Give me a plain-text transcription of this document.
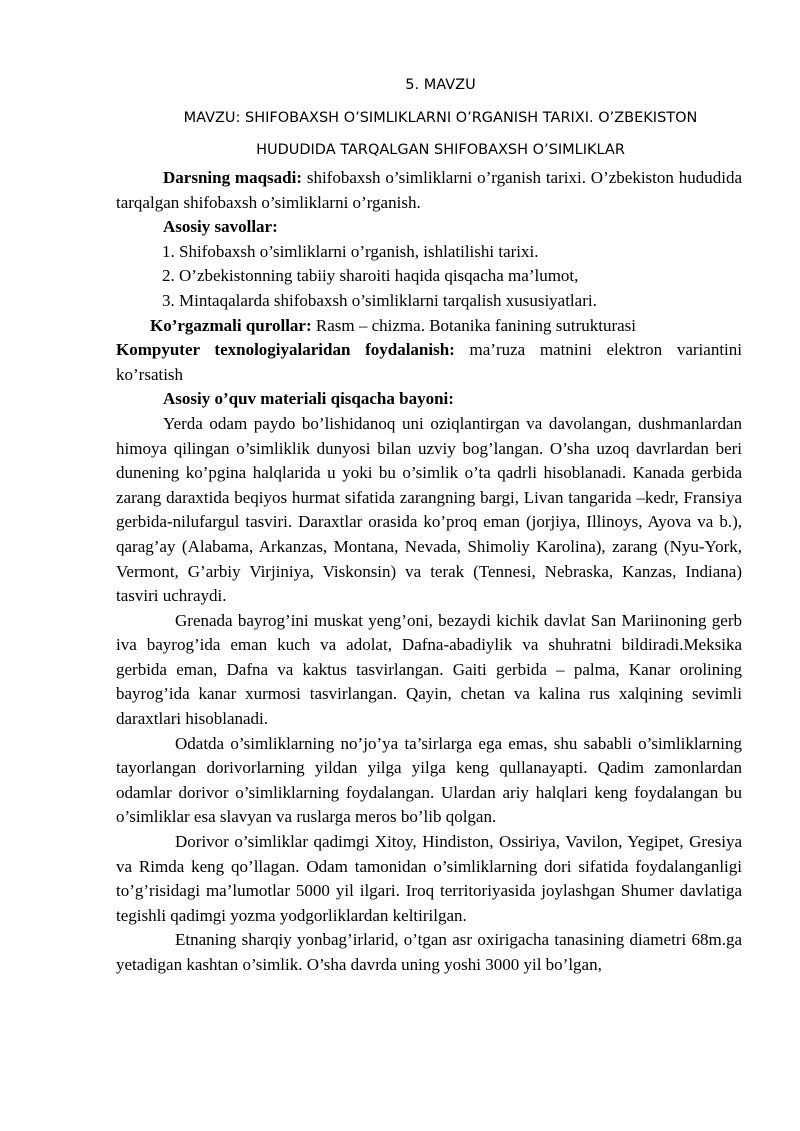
5. MAVZU
MAVZU: SHIFOBAXSH O’SIMLIKLARNI O’RGANISH TARIXI. O’ZBEKISTON
HUDUDIDA TARQALGAN SHIFOBAXSH O’SIMLIKLAR

Darsning maqsadi: shifobaxsh o’simliklarni o’rganish tarixi. O’zbekiston hududida tarqalgan shifobaxsh o’simliklarni o’rganish.

Asosiy savollar:

1. Shifobaxsh o’simliklarni o’rganish, ishlatilishi tarixi.

2. O’zbekistonning tabiiy sharoiti haqida qisqacha ma’lumot,

3. Mintaqalarda shifobaxsh o’simliklarni tarqalish xususiyatlari.

Ko’rgazmali qurollar: Rasm – chizma. Botanika fanining sutrukturasi

Kompyuter texnologiyalaridan foydalanish: ma’ruza matnini elektron variantini ko’rsatish

Asosiy o’quv materiali qisqacha bayoni:

Yerda odam paydo bo’lishidanoq uni oziqlantirgan va davolangan, dushmanlardan himoya qilingan o’simliklik dunyosi bilan uzviy bog’langan. O’sha uzoq davrlardan beri dunening ko’pgina halqlarida u yoki bu o’simlik o’ta qadrli hisoblanadi. Kanada gerbida zarang daraxtida beqiyos hurmat sifatida zarangning bargi, Livan tangarida –kedr, Fransiya gerbida-nilufargul tasviri. Daraxtlar orasida ko’proq eman (jorjiya, Illinoys, Ayova va b.), qarag’ay (Alabama, Arkanzas, Montana, Nevada, Shimoliy Karolina), zarang (Nyu-York, Vermont, G’arbiy Virjiniya, Viskonsin) va terak (Tennesi, Nebraska, Kanzas, Indiana) tasviri uchraydi.

Grenada bayrog’ini muskat yeng’oni, bezaydi kichik davlat San Mariinoning gerb iva bayrog’ida eman kuch va adolat, Dafna-abadiylik va shuhratni bildiradi.Meksika gerbida eman, Dafna va kaktus tasvirlangan. Gaiti gerbida – palma, Kanar orolining bayrog’ida kanar xurmosi tasvirlangan. Qayin, chetan va kalina rus xalqining sevimli daraxtlari hisoblanadi.

Odatda o’simliklarning no’jo’ya ta’sirlarga ega emas, shu sababli o’simliklarning tayorlangan dorivorlarning yildan yilga yilga keng qullanayapti. Qadim zamonlardan odamlar dorivor o’simliklarning foydalangan. Ulardan ariy halqlari keng foydalangan bu o’simliklar esa slavyan va ruslarga meros bo’lib qolgan.

Dorivor o’simliklar qadimgi Xitoy, Hindiston, Ossiriya, Vavilon, Yegipet, Gresiya va Rimda keng qo’llagan. Odam tamonidan o’simliklarning dori sifatida foydalanganligi to’g’risidagi ma’lumotlar 5000 yil ilgari. Iroq territoriyasida joylashgan Shumer davlatiga tegishli qadimgi yozma yodgorliklardan keltirilgan.

Etnaning sharqiy yonbag’irlarid, o’tgan asr oxirigacha tanasining diametri 68m.ga yetadigan kashtan o’simlik. O’sha davrda uning yoshi 3000 yil bo’lgan,
